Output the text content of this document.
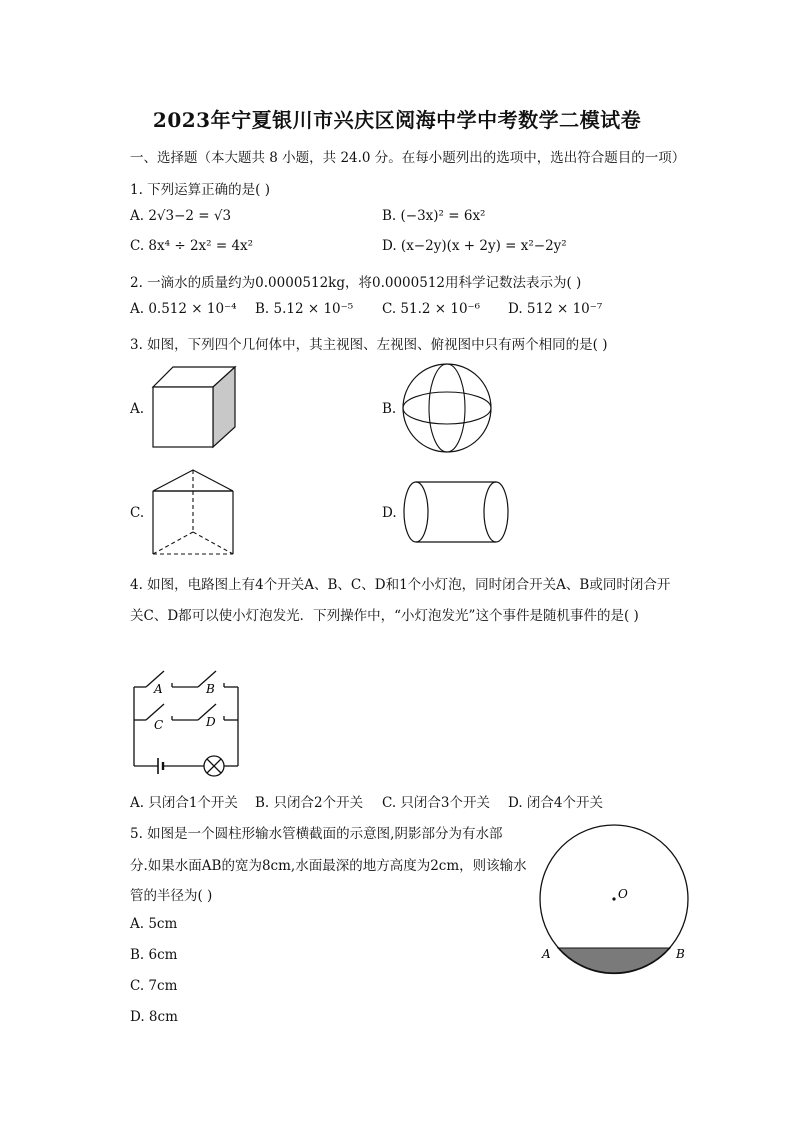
2023年宁夏银川市兴庆区阅海中学中考数学二模试卷
一、选择题（本大题共 8 小题，共 24.0 分。在每小题列出的选项中，选出符合题目的一项）
1. 下列运算正确的是( )
A. 2√3−2 = √3	B. (−3x)² = 6x²
C. 8x⁴ ÷ 2x² = 4x²	D. (x−2y)(x + 2y) = x²−2y²
2. 一滴水的质量约为0.0000512kg，将0.0000512用科学记数法表示为( )
A. 0.512 × 10⁻⁴ B. 5.12 × 10⁻⁵ C. 51.2 × 10⁻⁶ D. 512 × 10⁻⁷
3. 如图，下列四个几何体中，其主视图、左视图、俯视图中只有两个相同的是( )
A.	B.
C.	D.
4. 如图，电路图上有4个开关A、B、C、D和1个小灯泡，同时闭合开关A、B或同时闭合开
关C、D都可以使小灯泡发光．下列操作中，“小灯泡发光”这个事件是随机事件的是( )
A	B
C	D
A. 只闭合1个开关 B. 只闭合2个开关 C. 只闭合3个开关 D. 闭合4个开关
5. 如图是一个圆柱形输水管横截面的示意图,阴影部分为有水部
分.如果水面AB的宽为8cm,水面最深的地方高度为2cm，则该输水
管的半径为( )
A. 5cm
B. 6cm
C. 7cm
D. 8cm
O
A	B
